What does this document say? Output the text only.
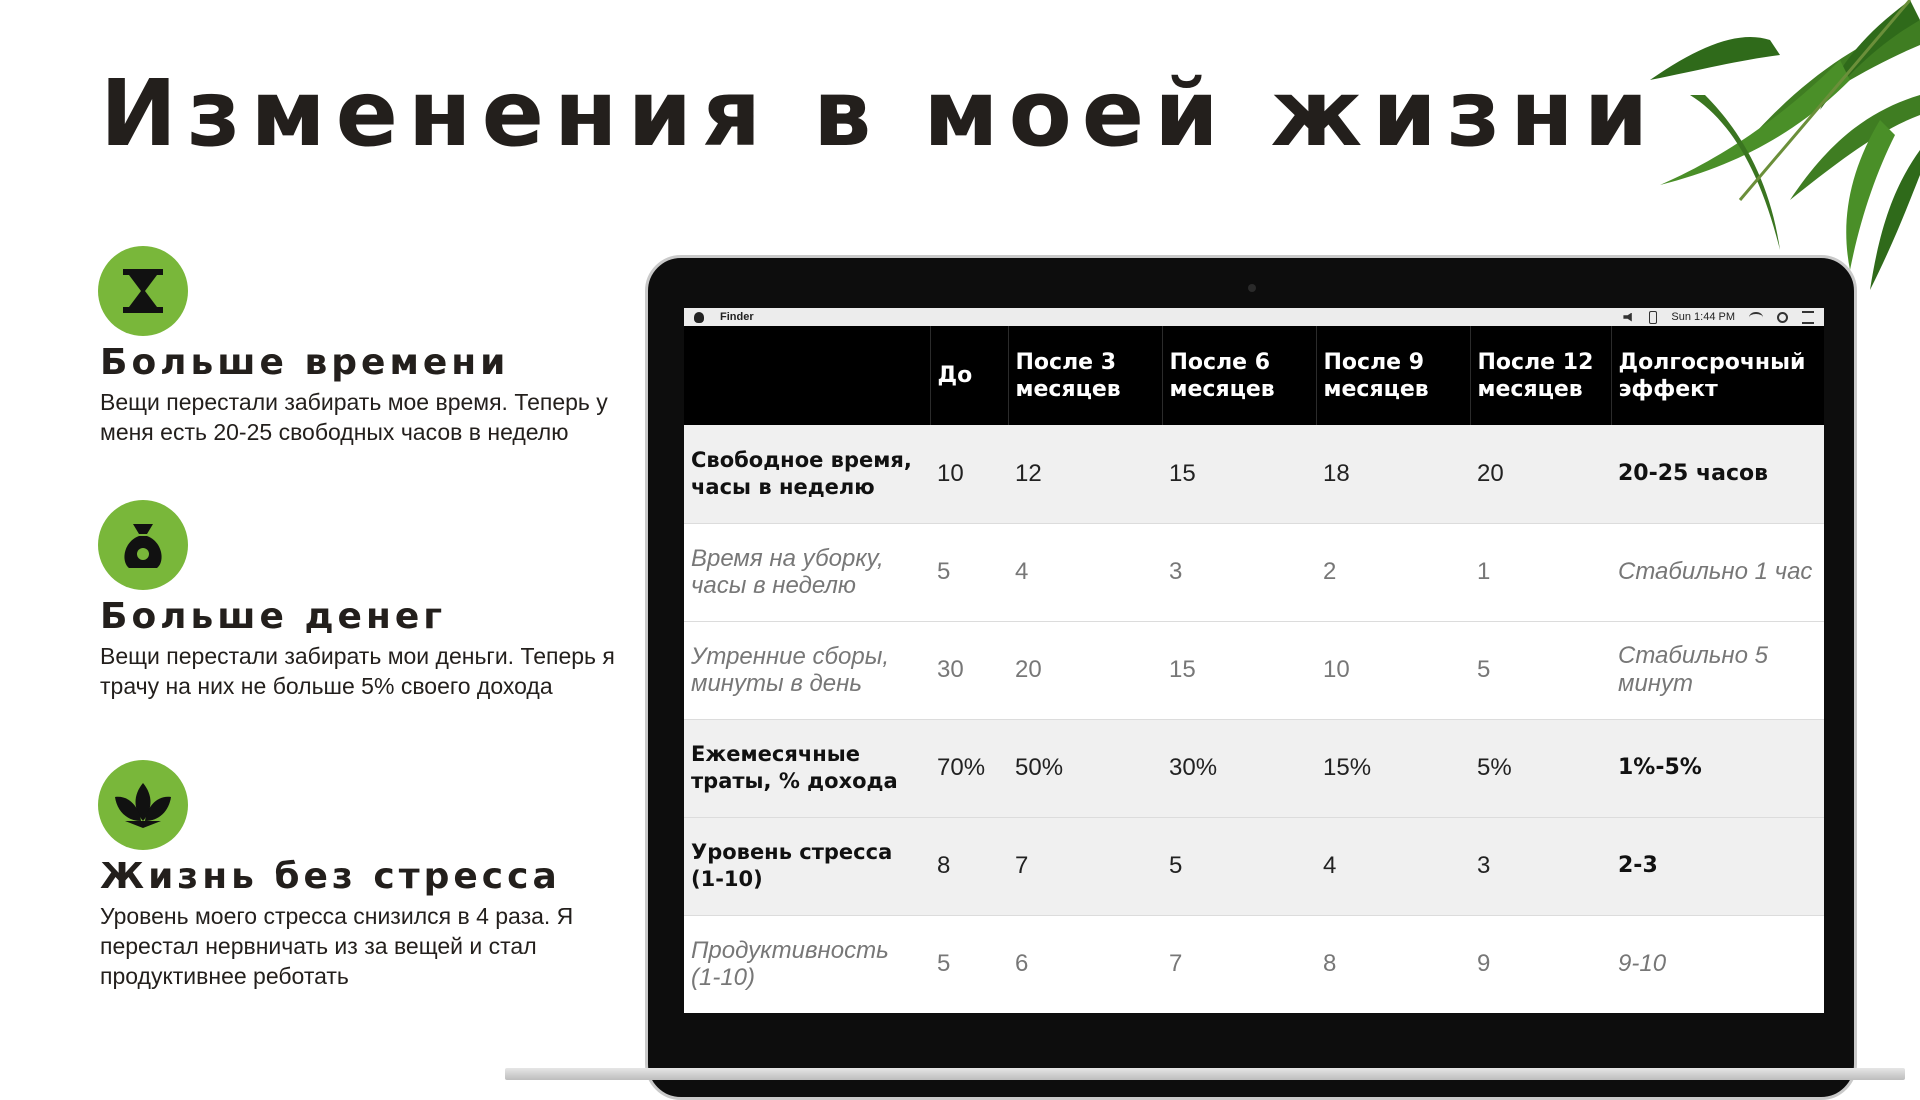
Изменения в моей жизни
Больше времени

Вещи перестали забирать мое время. Теперь у меня есть 20-25 свободных часов в неделю

Больше денег

Вещи перестали забирать мои деньги. Теперь я трачу на них не больше 5% своего дохода

Жизнь без стресса

Уровень моего стресса снизился в 4 раза. Я перестал нервничать из за вещей и стал продуктивнее реботать

Finder	Sun 1:44 PM
	До	После 3 месяцев	После 6 месяцев	После 9 месяцев	После 12 месяцев	Долгосрочный эффект
Свободное время, часы в неделю	10	12	15	18	20	20-25 часов
Время на уборку, часы в неделю	5	4	3	2	1	Стабильно 1 час
Утренние сборы, минуты в день	30	20	15	10	5	Стабильно 5 минут
Ежемесячные траты, % дохода	70%	50%	30%	15%	5%	1%-5%
Уровень стресса (1-10)	8	7	5	4	3	2-3
Продуктивность (1-10)	5	6	7	8	9	9-10
